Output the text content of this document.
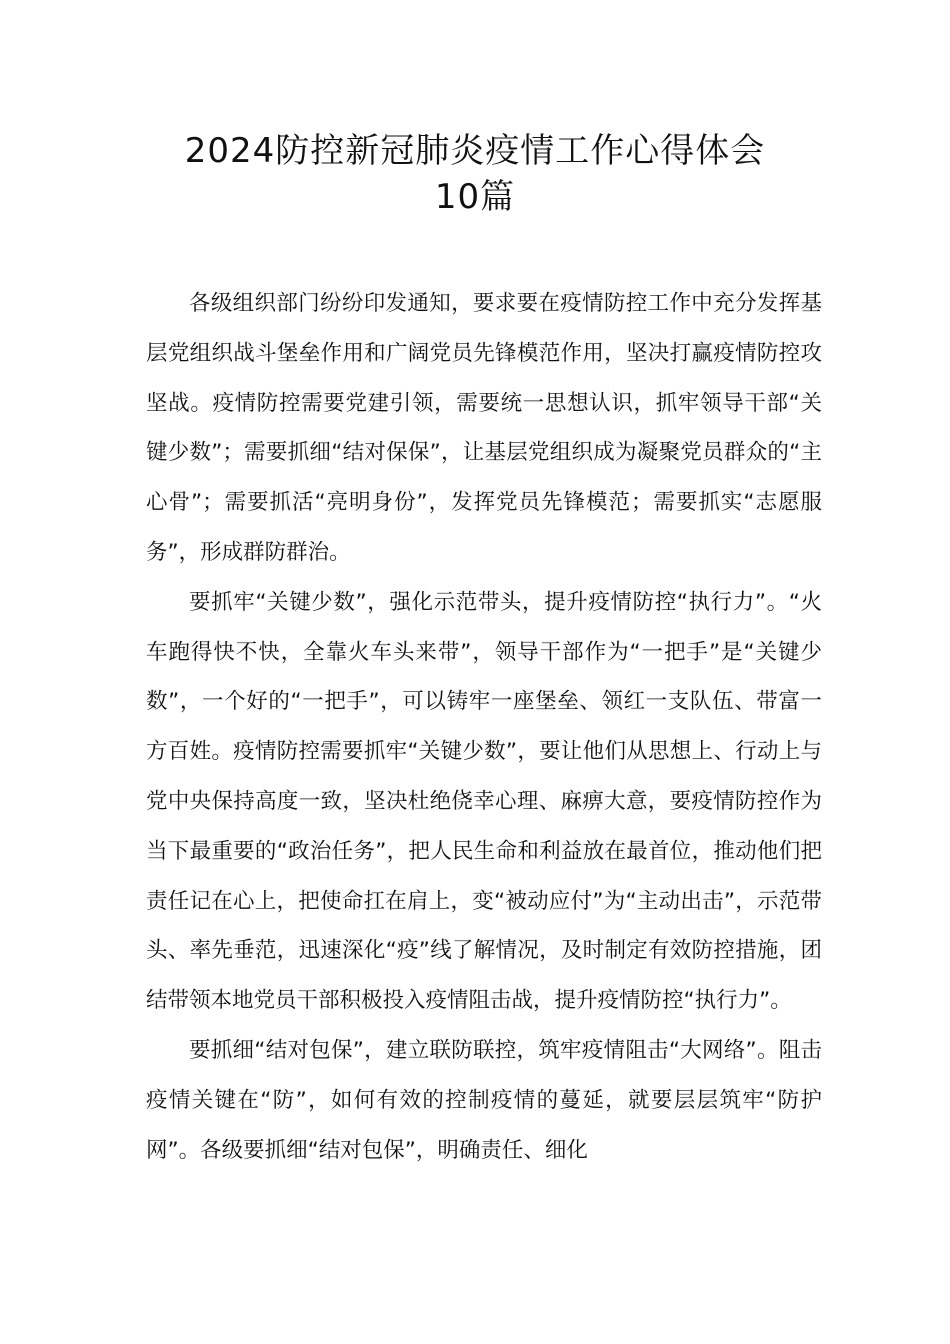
2024防控新冠肺炎疫情工作心得体会
10篇

各级组织部门纷纷印发通知，要求要在疫情防控工作中充分发挥基层党组织战斗堡垒作用和广阔党员先锋模范作用，坚决打赢疫情防控攻坚战。疫情防控需要党建引领，需要统一思想认识，抓牢领导干部“关键少数”；需要抓细“结对保保”，让基层党组织成为凝聚党员群众的“主心骨”；需要抓活“亮明身份”，发挥党员先锋模范；需要抓实“志愿服务”，形成群防群治。

要抓牢“关键少数”，强化示范带头，提升疫情防控“执行力”。“火车跑得快不快，全靠火车头来带”，领导干部作为“一把手”是“关键少数”，一个好的“一把手”，可以铸牢一座堡垒、领红一支队伍、带富一方百姓。疫情防控需要抓牢“关键少数”，要让他们从思想上、行动上与党中央保持高度一致，坚决杜绝侥幸心理、麻痹大意，要疫情防控作为当下最重要的“政治任务”，把人民生命和利益放在最首位，推动他们把责任记在心上，把使命扛在肩上，变“被动应付”为“主动出击”，示范带头、率先垂范，迅速深化“疫”线了解情况，及时制定有效防控措施，团结带领本地党员干部积极投入疫情阻击战，提升疫情防控“执行力”。

要抓细“结对包保”，建立联防联控，筑牢疫情阻击“大网络”。阻击疫情关键在“防”，如何有效的控制疫情的蔓延，就要层层筑牢“防护网”。各级要抓细“结对包保”，明确责任、细化
